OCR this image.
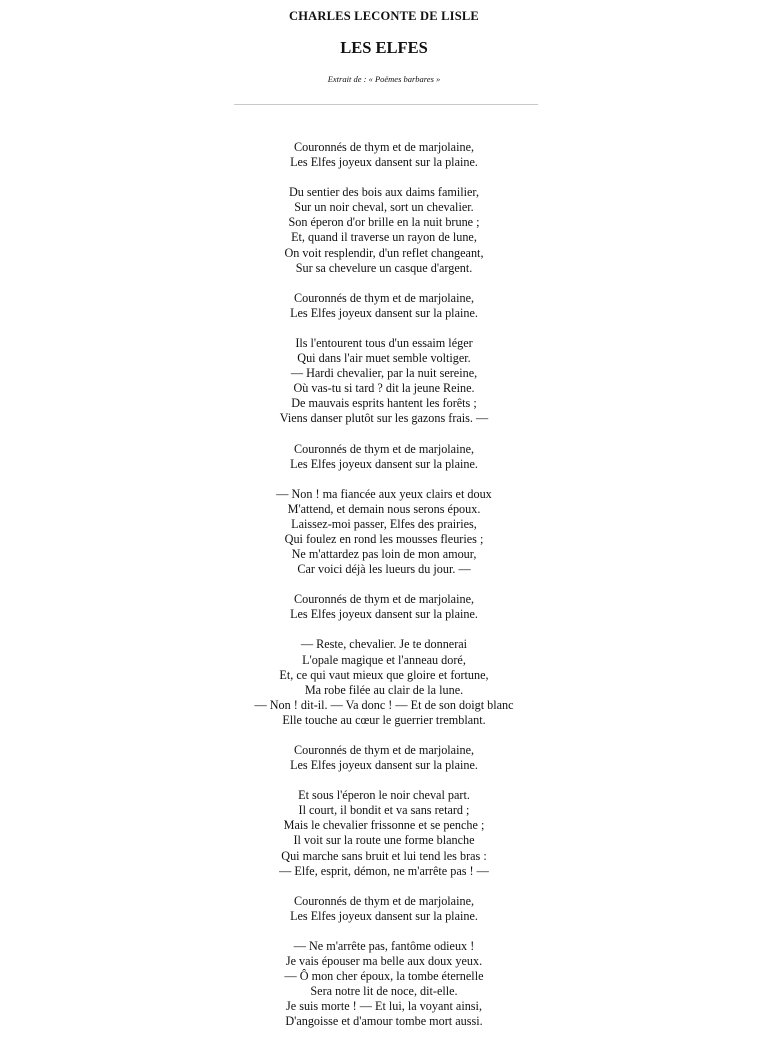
CHARLES LECONTE DE LISLE
LES ELFES
Extrait de : « Poëmes barbares »
Couronnés de thym et de marjolaine,
Les Elfes joyeux dansent sur la plaine.
Du sentier des bois aux daims familier,
Sur un noir cheval, sort un chevalier.
Son éperon d'or brille en la nuit brune ;
Et, quand il traverse un rayon de lune,
On voit resplendir, d'un reflet changeant,
Sur sa chevelure un casque d'argent.
Couronnés de thym et de marjolaine,
Les Elfes joyeux dansent sur la plaine.
Ils l'entourent tous d'un essaim léger
Qui dans l'air muet semble voltiger.
— Hardi chevalier, par la nuit sereine,
Où vas-tu si tard ? dit la jeune Reine.
De mauvais esprits hantent les forêts ;
Viens danser plutôt sur les gazons frais. —
Couronnés de thym et de marjolaine,
Les Elfes joyeux dansent sur la plaine.
— Non ! ma fiancée aux yeux clairs et doux
M'attend, et demain nous serons époux.
Laissez-moi passer, Elfes des prairies,
Qui foulez en rond les mousses fleuries ;
Ne m'attardez pas loin de mon amour,
Car voici déjà les lueurs du jour. —
Couronnés de thym et de marjolaine,
Les Elfes joyeux dansent sur la plaine.
— Reste, chevalier. Je te donnerai
L'opale magique et l'anneau doré,
Et, ce qui vaut mieux que gloire et fortune,
Ma robe filée au clair de la lune.
— Non ! dit-il. — Va donc ! — Et de son doigt blanc
Elle touche au cœur le guerrier tremblant.
Couronnés de thym et de marjolaine,
Les Elfes joyeux dansent sur la plaine.
Et sous l'éperon le noir cheval part.
Il court, il bondit et va sans retard ;
Mais le chevalier frissonne et se penche ;
Il voit sur la route une forme blanche
Qui marche sans bruit et lui tend les bras :
— Elfe, esprit, démon, ne m'arrête pas ! —
Couronnés de thym et de marjolaine,
Les Elfes joyeux dansent sur la plaine.
— Ne m'arrête pas, fantôme odieux !
Je vais épouser ma belle aux doux yeux.
— Ô mon cher époux, la tombe éternelle
Sera notre lit de noce, dit-elle.
Je suis morte ! — Et lui, la voyant ainsi,
D'angoisse et d'amour tombe mort aussi.
